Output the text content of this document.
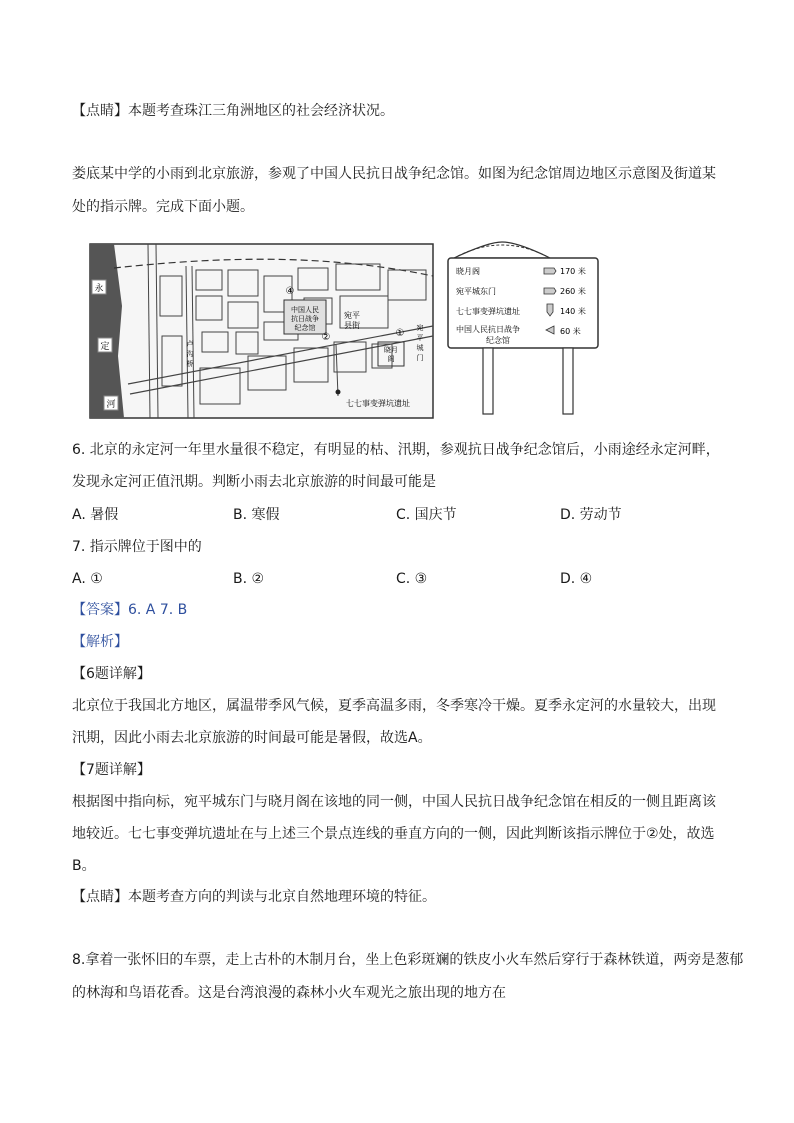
【点睛】本题考查珠江三角洲地区的社会经济状况。
娄底某中学的小雨到北京旅游，参观了中国人民抗日战争纪念馆。如图为纪念馆周边地区示意图及街道某
处的指示牌。完成下面小题。
永
定
河
中国人民
抗日战争
纪念馆
宛平
县街	宛
平
城
门
晓月
阁
七七事变弹坑遗址
卢
沟
桥
①
②
④
晓月阁	170 米
宛平城东门	260 米
七七事变弹坑遗址	140 米
中国人民抗日战争	60 米
纪念馆
6. 北京的永定河一年里水量很不稳定，有明显的枯、汛期，参观抗日战争纪念馆后，小雨途经永定河畔，
发现永定河正值汛期。判断小雨去北京旅游的时间最可能是
A. 暑假	B. 寒假	C. 国庆节	D. 劳动节
7. 指示牌位于图中的
A. ①	B. ②	C. ③	D. ④
【答案】6. A 7. B
【解析】
【6题详解】
北京位于我国北方地区，属温带季风气候，夏季高温多雨，冬季寒冷干燥。夏季永定河的水量较大，出现
汛期，因此小雨去北京旅游的时间最可能是暑假，故选A。
【7题详解】
根据图中指向标，宛平城东门与晓月阁在该地的同一侧，中国人民抗日战争纪念馆在相反的一侧且距离该
地较近。七七事变弹坑遗址在与上述三个景点连线的垂直方向的一侧，因此判断该指示牌位于②处，故选
B。
【点睛】本题考查方向的判读与北京自然地理环境的特征。
8.拿着一张怀旧的车票，走上古朴的木制月台，坐上色彩斑斓的铁皮小火车然后穿行于森林铁道，两旁是葱郁
的林海和鸟语花香。这是台湾浪漫的森林小火车观光之旅出现的地方在
